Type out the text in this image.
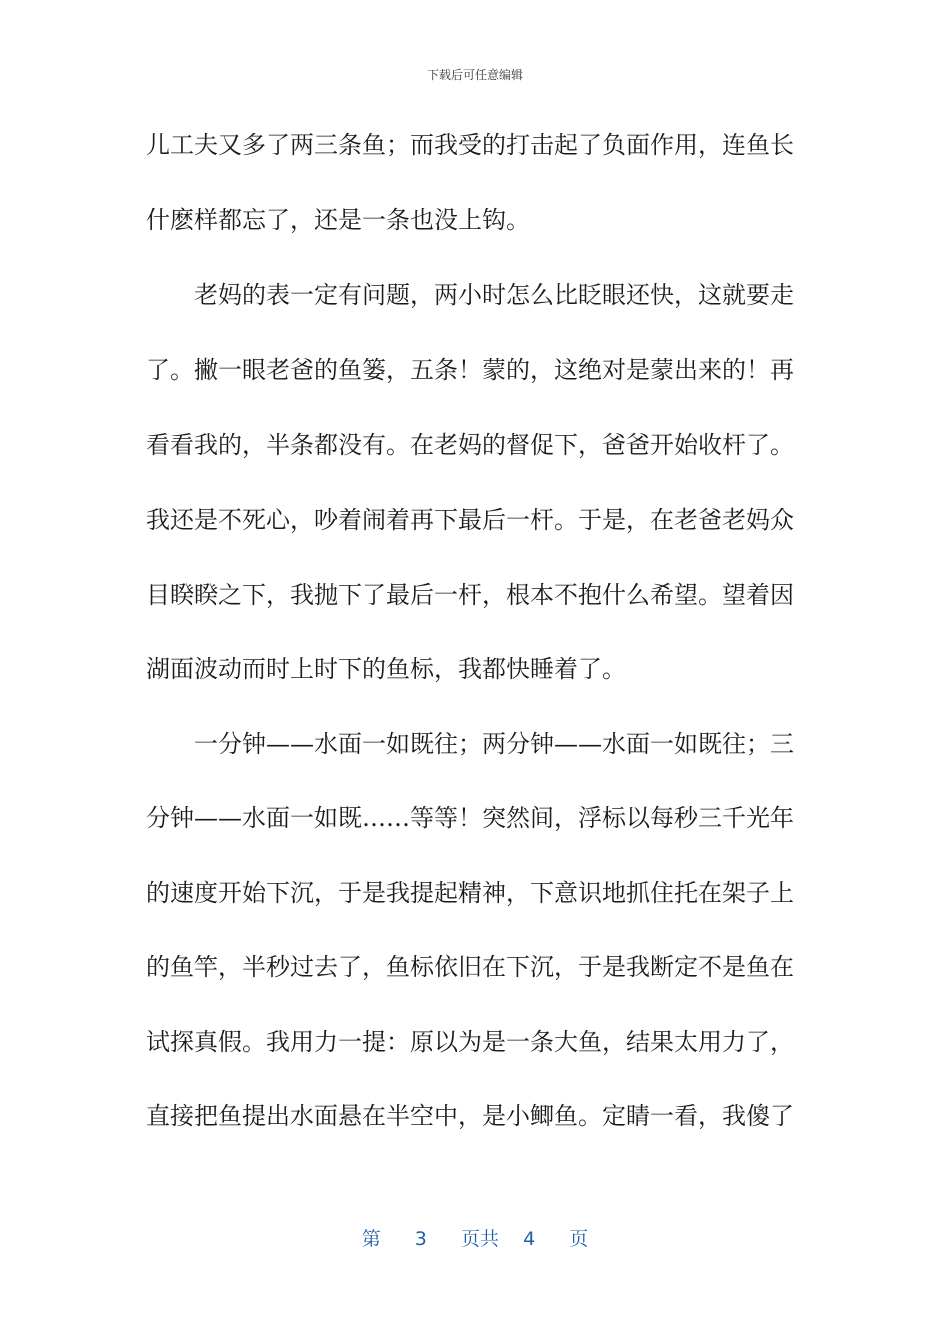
下载后可任意编辑
儿工夫又多了两三条鱼；而我受的打击起了负面作用，连鱼长
什麽样都忘了，还是一条也没上钩。
　　老妈的表一定有问题，两小时怎么比眨眼还快，这就要走
了。撇一眼老爸的鱼篓，五条！蒙的，这绝对是蒙出来的！再
看看我的，半条都没有。在老妈的督促下，爸爸开始收杆了。
我还是不死心，吵着闹着再下最后一杆。于是，在老爸老妈众
目睽睽之下，我抛下了最后一杆，根本不抱什么希望。望着因
湖面波动而时上时下的鱼标，我都快睡着了。
　　一分钟——水面一如既往；两分钟——水面一如既往；三
分钟——水面一如既……等等！突然间，浮标以每秒三千光年
的速度开始下沉，于是我提起精神，下意识地抓住托在架子上
的鱼竿，半秒过去了，鱼标依旧在下沉，于是我断定不是鱼在
试探真假。我用力一提：原以为是一条大鱼，结果太用力了，
直接把鱼提出水面悬在半空中，是小鲫鱼。定睛一看，我傻了
第 3 页共 4 页
